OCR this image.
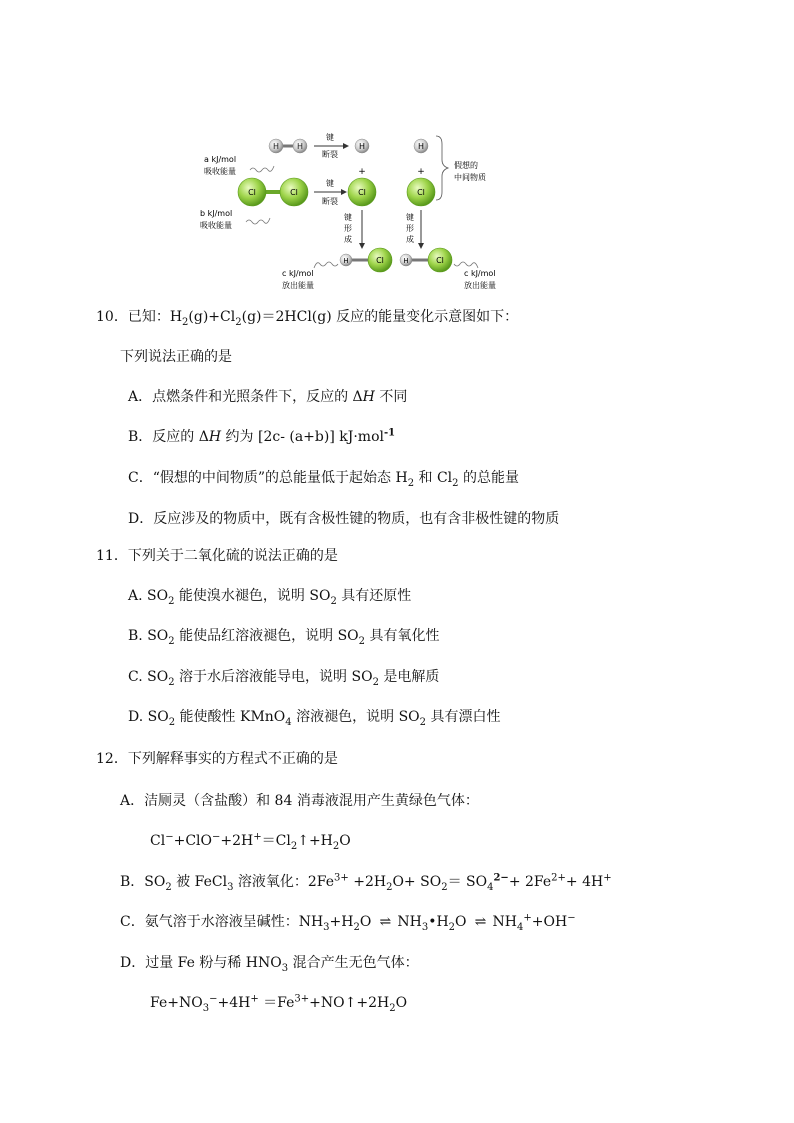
H H
键
断裂
H	H
+	+
假想的
中间物质
a kJ/mol
吸收能量
Cl	Cl
键
断裂
Cl	Cl
b kJ/mol
吸收能量
键
形
成
键
形
成
H	Cl	H	Cl
c kJ/mol
放出能量
c kJ/mol
放出能量
10．已知：$H_2(g)+Cl_2(g)=2HCl(g)$ 反应的能量变化示意图如下：
下列说法正确的是
A．点燃条件和光照条件下，反应的 ΔH 不同
B．反应的 ΔH 约为 [2c- (a+b)] kJ·mol$^{-1}$
C．“假想的中间物质”的总能量低于起始态 $H_2$ 和 $Cl_2$ 的总能量
D．反应涉及的物质中，既有含极性键的物质，也有含非极性键的物质
11．下列关于二氧化硫的说法正确的是
A. $SO_2$ 能使溴水褪色，说明 $SO_2$ 具有还原性
B. $SO_2$ 能使品红溶液褪色，说明 $SO_2$ 具有氧化性
C. $SO_2$ 溶于水后溶液能导电，说明 $SO_2$ 是电解质
D. $SO_2$ 能使酸性 KMnO$_4$ 溶液褪色，说明 $SO_2$ 具有漂白性
12．下列解释事实的方程式不正确的是
A．洁厕灵（含盐酸）和 84 消毒液混用产生黄绿色气体：
$Cl^-+ClO^-+2H^+=Cl_2↑+H_2O$
B．$SO_2$ 被 FeCl$_3$ 溶液氧化：$2Fe^{3+} +2H_2O+ SO_2= SO_4^{2-}+ 2Fe^{2+}+ 4H^+$
C．氨气溶于水溶液呈碱性：$NH_3+H_2O$ ⇌ $NH_3•H_2O$ ⇌ $NH_4^++OH^-$
D．过量 Fe 粉与稀 $HNO_3$ 混合产生无色气体：
$Fe+NO_3^-+4H^+$ $=Fe^{3+}+NO↑+2H_2O$
